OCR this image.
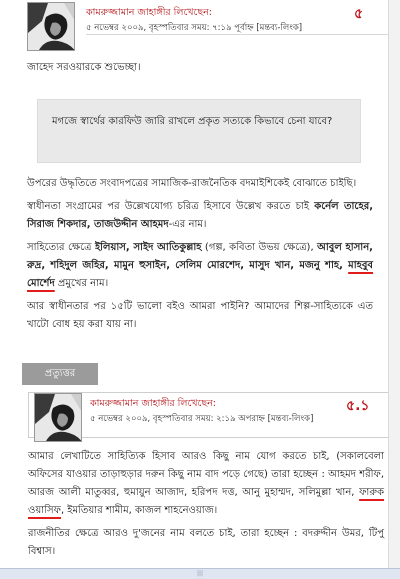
কামরুজ্জামান জাহাঙ্গীর লিখেছেন:
৫ নভেম্বর ২০০৯, বৃহস্পতিবার সময়: ৭:১৯ পূর্বাহ্ন [মন্তব্য-লিংক]
৫
জাহেদ সরওয়ারকে শুভেচ্ছা।
মগজে স্বার্থের কারফিউ জারি রাখলে প্রকৃত সত্যকে কিভাবে চেনা যাবে?

উপরের উদ্ধৃতিতে সংবাদপত্রের সামাজিক-রাজনৈতিক বদমাইশিকেই বোঝাতে চাইছি।

স্বাধীনতা সংগ্রামের পর উল্লেখযোগ্য চরিত্র হিসাবে উল্লেখ করতে চাই কর্নেল তাহের, সিরাজ শিকদার, তাজউদ্দীন আহমদ-এর নাম।

সাহিত্যের ক্ষেত্রে ইলিয়াস, সাইদ আতিকুল্লাহ (গল্প, কবিতা উভয় ক্ষেত্রে), আবুল হাসান, রুদ্র, শহিদুল জহির, মামুন হুসাইন, সেলিম মোরশেদ, মাসুদ খান, মজনু শাহ, মাহবুব মোর্শেদ প্রমুখের নাম।

আর স্বাধীনতার পর ১৫টি ভালো বইও আমরা পাইনি? আমাদের শিল্প-সাহিত্যকে এত খাটো বোধ হয় করা যায় না।

প্রত্যুত্তর
কামরুজ্জামান জাহাঙ্গীর লিখেছেন:
৫ নভেম্বর ২০০৯, বৃহস্পতিবার সময়: ২:১৯ অপরাহ্ন [মন্তব্য-লিংক]
৫.১

আমার লেখাটিতে সাহিত্যিক হিসাব আরও কিছু নাম যোগ করতে চাই, (সকালবেলা অফিসের যাওয়ার তাড়াহুড়ার দরুন কিছু নাম বাদ পড়ে গেছে) তারা হচ্ছেন : আহমদ শরীফ, আরজ আলী মাতুব্বর, হুমায়ুন আজাদ, হরিপদ দত্ত, আনু মুহাম্মদ, সলিমুল্লা খান, ফারুক ওয়াসিফ, ইমতিয়ার শামীম, কাজল শাহনেওয়াজ।

রাজনীতির ক্ষেত্রে আরও দু'জনের নাম বলতে চাই, তারা হচ্ছেন : বদরুদ্দীন উমর, টিপু বিশ্বাস।

|||
